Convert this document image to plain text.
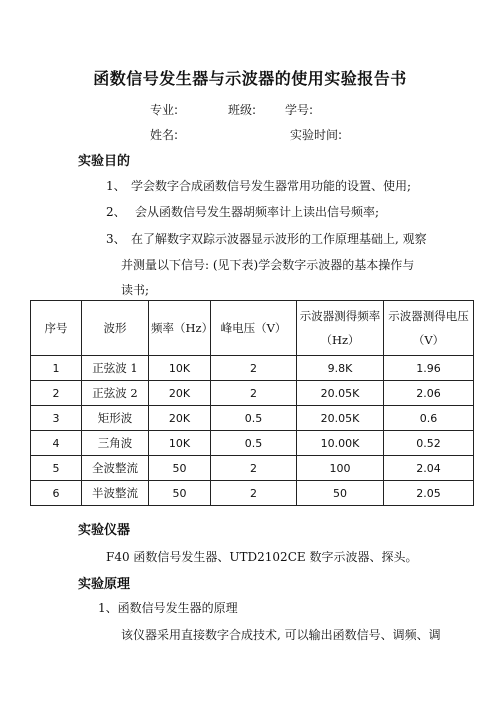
函数信号发生器与示波器的使用实验报告书
专业:	班级: 学号:
姓名:	实验时间:
实验目的
1、 学会数字合成函数信号发生器常用功能的设置、使用;
2、 会从函数信号发生器胡频率计上读出信号频率;
3、 在了解数字双踪示波器显示波形的工作原理基础上, 观察
并测量以下信号: (见下表)学会数字示波器的基本操作与
读书;
序号	波形	频率（Hz）	峰电压（V）	示波器测得频率（Hz）	示波器测得电压（V）
1	正弦波 1	10K	2	9.8K	1.96
2	正弦波 2	20K	2	20.05K	2.06
3	矩形波	20K	0.5	20.05K	0.6
4	三角波	10K	0.5	10.00K	0.52
5	全波整流	50	2	100	2.04
6	半波整流	50	2	50	2.05
实验仪器
F40 函数信号发生器、UTD2102CE 数字示波器、探头。
实验原理
1、函数信号发生器的原理
该仪器采用直接数字合成技术, 可以输出函数信号、调频、调
